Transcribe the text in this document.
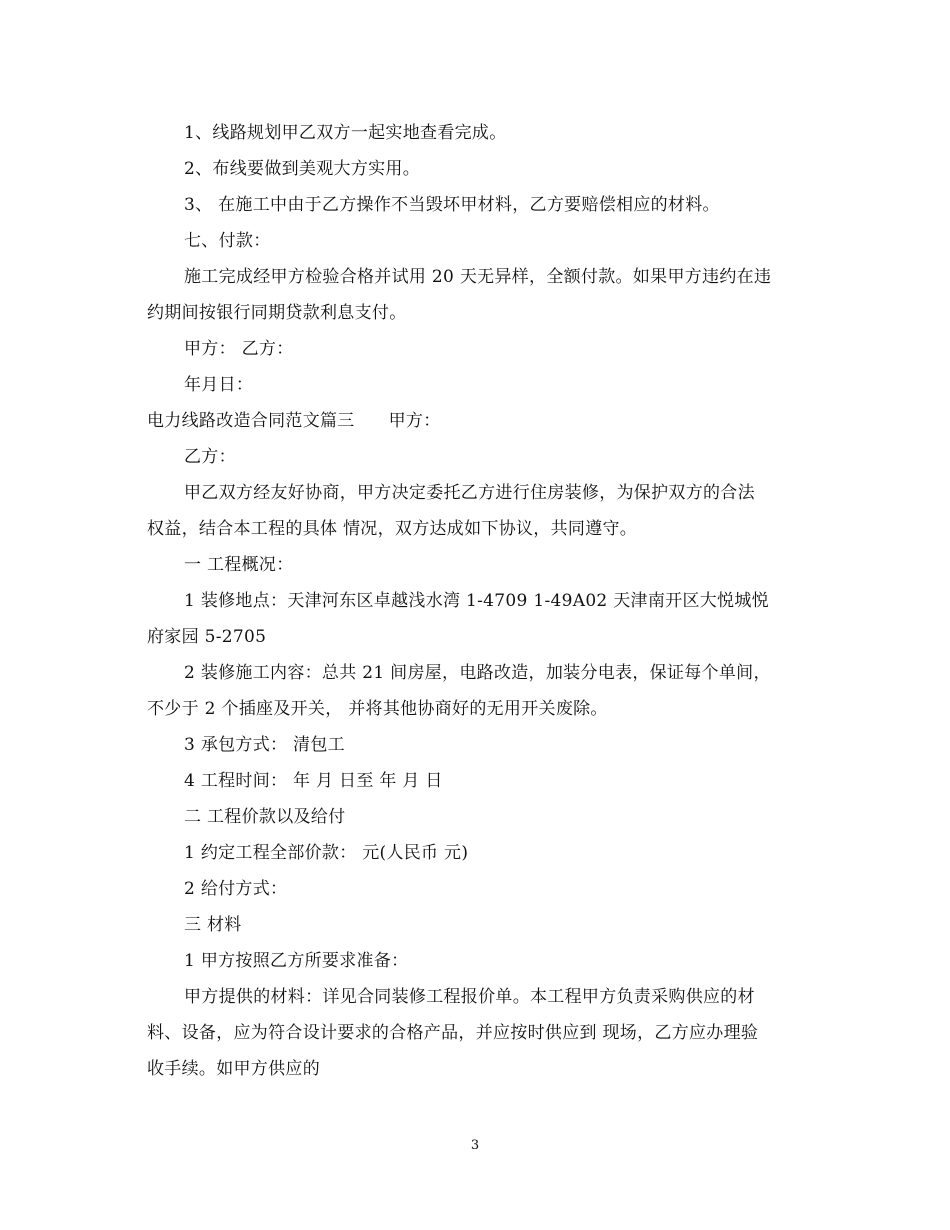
1、线路规划甲乙双方一起实地查看完成。
2、布线要做到美观大方实用。
3、 在施工中由于乙方操作不当毁坏甲材料，乙方要赔偿相应的材料。
七、付款：
施工完成经甲方检验合格并试用 20 天无异样，全额付款。如果甲方违约在违
约期间按银行同期贷款利息支付。
甲方： 乙方：
年月日：
电力线路改造合同范文篇三 甲方：
乙方：
甲乙双方经友好协商，甲方决定委托乙方进行住房装修，为保护双方的合法
权益，结合本工程的具体 情况，双方达成如下协议，共同遵守。
一 工程概况：
1 装修地点：天津河东区卓越浅水湾 1-4709 1-49A02 天津南开区大悦城悦
府家园 5-2705
2 装修施工内容：总共 21 间房屋，电路改造，加装分电表，保证每个单间，
不少于 2 个插座及开关， 并将其他协商好的无用开关废除。
3 承包方式： 清包工
4 工程时间： 年 月 日至 年 月 日
二 工程价款以及给付
1 约定工程全部价款： 元(人民币 元)
2 给付方式：
三 材料
1 甲方按照乙方所要求准备：
甲方提供的材料：详见合同装修工程报价单。本工程甲方负责采购供应的材
料、设备，应为符合设计要求的合格产品，并应按时供应到 现场，乙方应办理验
收手续。如甲方供应的
3
